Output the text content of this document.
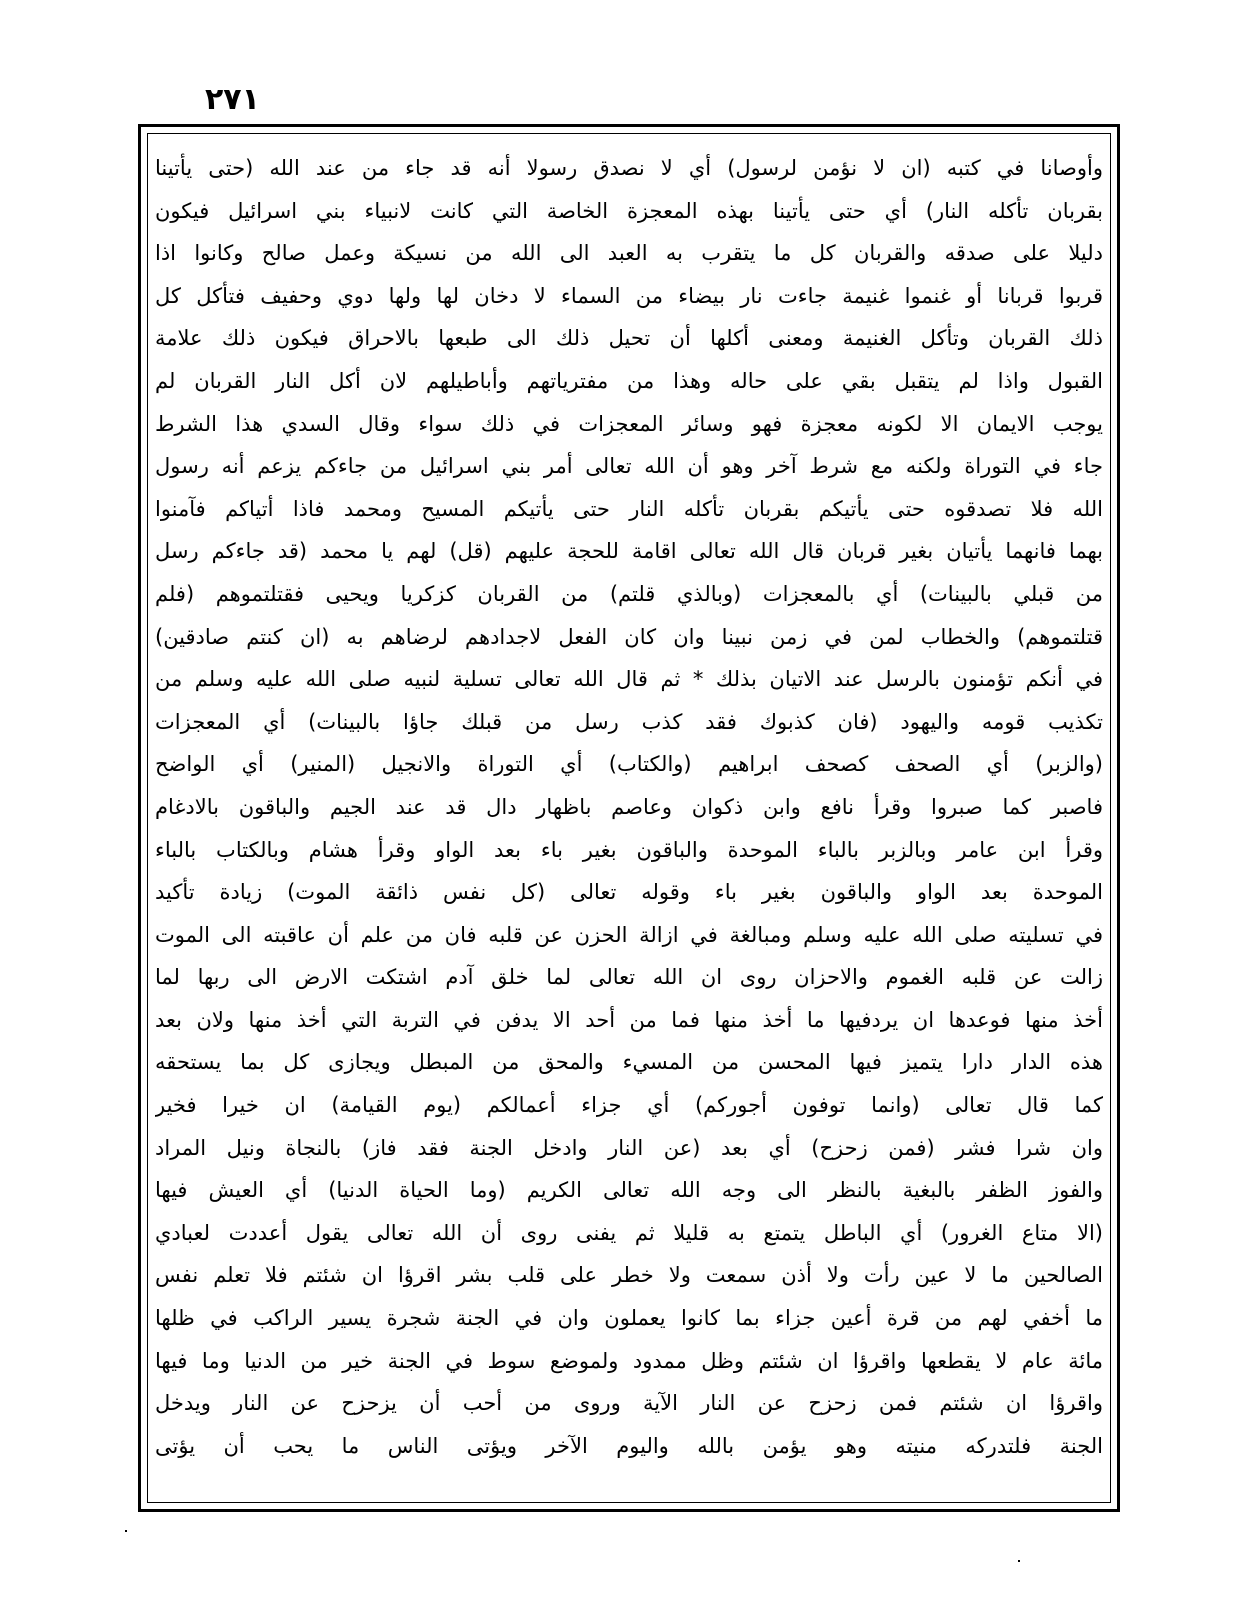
٢٧١
وأوصانا في كتبه (ان لا نؤمن لرسول) أي لا نصدق رسولا أنه قد جاء من عند الله (حتى يأتينا
بقربان تأكله النار) أي حتى يأتينا بهذه المعجزة الخاصة التي كانت لانبياء بني اسرائيل فيكون
دليلا على صدقه والقربان كل ما يتقرب به العبد الى الله من نسيكة وعمل صالح وكانوا اذا
قربوا قربانا أو غنموا غنيمة جاءت نار بيضاء من السماء لا دخان لها ولها دوي وحفيف فتأكل كل
ذلك القربان وتأكل الغنيمة ومعنى أكلها أن تحيل ذلك الى طبعها بالاحراق فيكون ذلك علامة
القبول واذا لم يتقبل بقي على حاله وهذا من مفترياتهم وأباطيلهم لان أكل النار القربان لم
يوجب الايمان الا لكونه معجزة فهو وسائر المعجزات في ذلك سواء وقال السدي هذا الشرط
جاء في التوراة ولكنه مع شرط آخر وهو أن الله تعالى أمر بني اسرائيل من جاءكم يزعم أنه رسول
الله فلا تصدقوه حتى يأتيكم بقربان تأكله النار حتى يأتيكم المسيح ومحمد فاذا أتياكم فآمنوا
بهما فانهما يأتيان بغير قربان قال الله تعالى اقامة للحجة عليهم (قل) لهم يا محمد (قد جاءكم رسل
من قبلي بالبينات) أي بالمعجزات (وبالذي قلتم) من القربان كزكريا ويحيى فقتلتموهم (فلم
قتلتموهم) والخطاب لمن في زمن نبينا وان كان الفعل لاجدادهم لرضاهم به (ان كنتم صادقين)
في أنكم تؤمنون بالرسل عند الاتيان بذلك * ثم قال الله تعالى تسلية لنبيه صلى الله عليه وسلم من
تكذيب قومه واليهود (فان كذبوك فقد كذب رسل من قبلك جاؤا بالبينات) أي المعجزات
(والزبر) أي الصحف كصحف ابراهيم (والكتاب) أي التوراة والانجيل (المنير) أي الواضح
فاصبر كما صبروا وقرأ نافع وابن ذكوان وعاصم باظهار دال قد عند الجيم والباقون بالادغام
وقرأ ابن عامر وبالزبر بالباء الموحدة والباقون بغير باء بعد الواو وقرأ هشام وبالكتاب بالباء
الموحدة بعد الواو والباقون بغير باء وقوله تعالى (كل نفس ذائقة الموت) زيادة تأكيد
في تسليته صلى الله عليه وسلم ومبالغة في ازالة الحزن عن قلبه فان من علم أن عاقبته الى الموت
زالت عن قلبه الغموم والاحزان روى ان الله تعالى لما خلق آدم اشتكت الارض الى ربها لما
أخذ منها فوعدها ان يردفيها ما أخذ منها فما من أحد الا يدفن في التربة التي أخذ منها ولان بعد
هذه الدار دارا يتميز فيها المحسن من المسيء والمحق من المبطل ويجازى كل بما يستحقه
كما قال تعالى (وانما توفون أجوركم) أي جزاء أعمالكم (يوم القيامة) ان خيرا فخير
وان شرا فشر (فمن زحزح) أي بعد (عن النار وادخل الجنة فقد فاز) بالنجاة ونيل المراد
والفوز الظفر بالبغية بالنظر الى وجه الله تعالى الكريم (وما الحياة الدنيا) أي العيش فيها
(الا متاع الغرور) أي الباطل يتمتع به قليلا ثم يفنى روى أن الله تعالى يقول أعددت لعبادي
الصالحين ما لا عين رأت ولا أذن سمعت ولا خطر على قلب بشر اقرؤا ان شئتم فلا تعلم نفس
ما أخفي لهم من قرة أعين جزاء بما كانوا يعملون وان في الجنة شجرة يسير الراكب في ظلها
مائة عام لا يقطعها واقرؤا ان شئتم وظل ممدود ولموضع سوط في الجنة خير من الدنيا وما فيها
واقرؤا ان شئتم فمن زحزح عن النار الآية وروى من أحب أن يزحزح عن النار ويدخل
الجنة فلتدركه منيته وهو يؤمن بالله واليوم الآخر ويؤتى الناس ما يحب أن يؤتى
